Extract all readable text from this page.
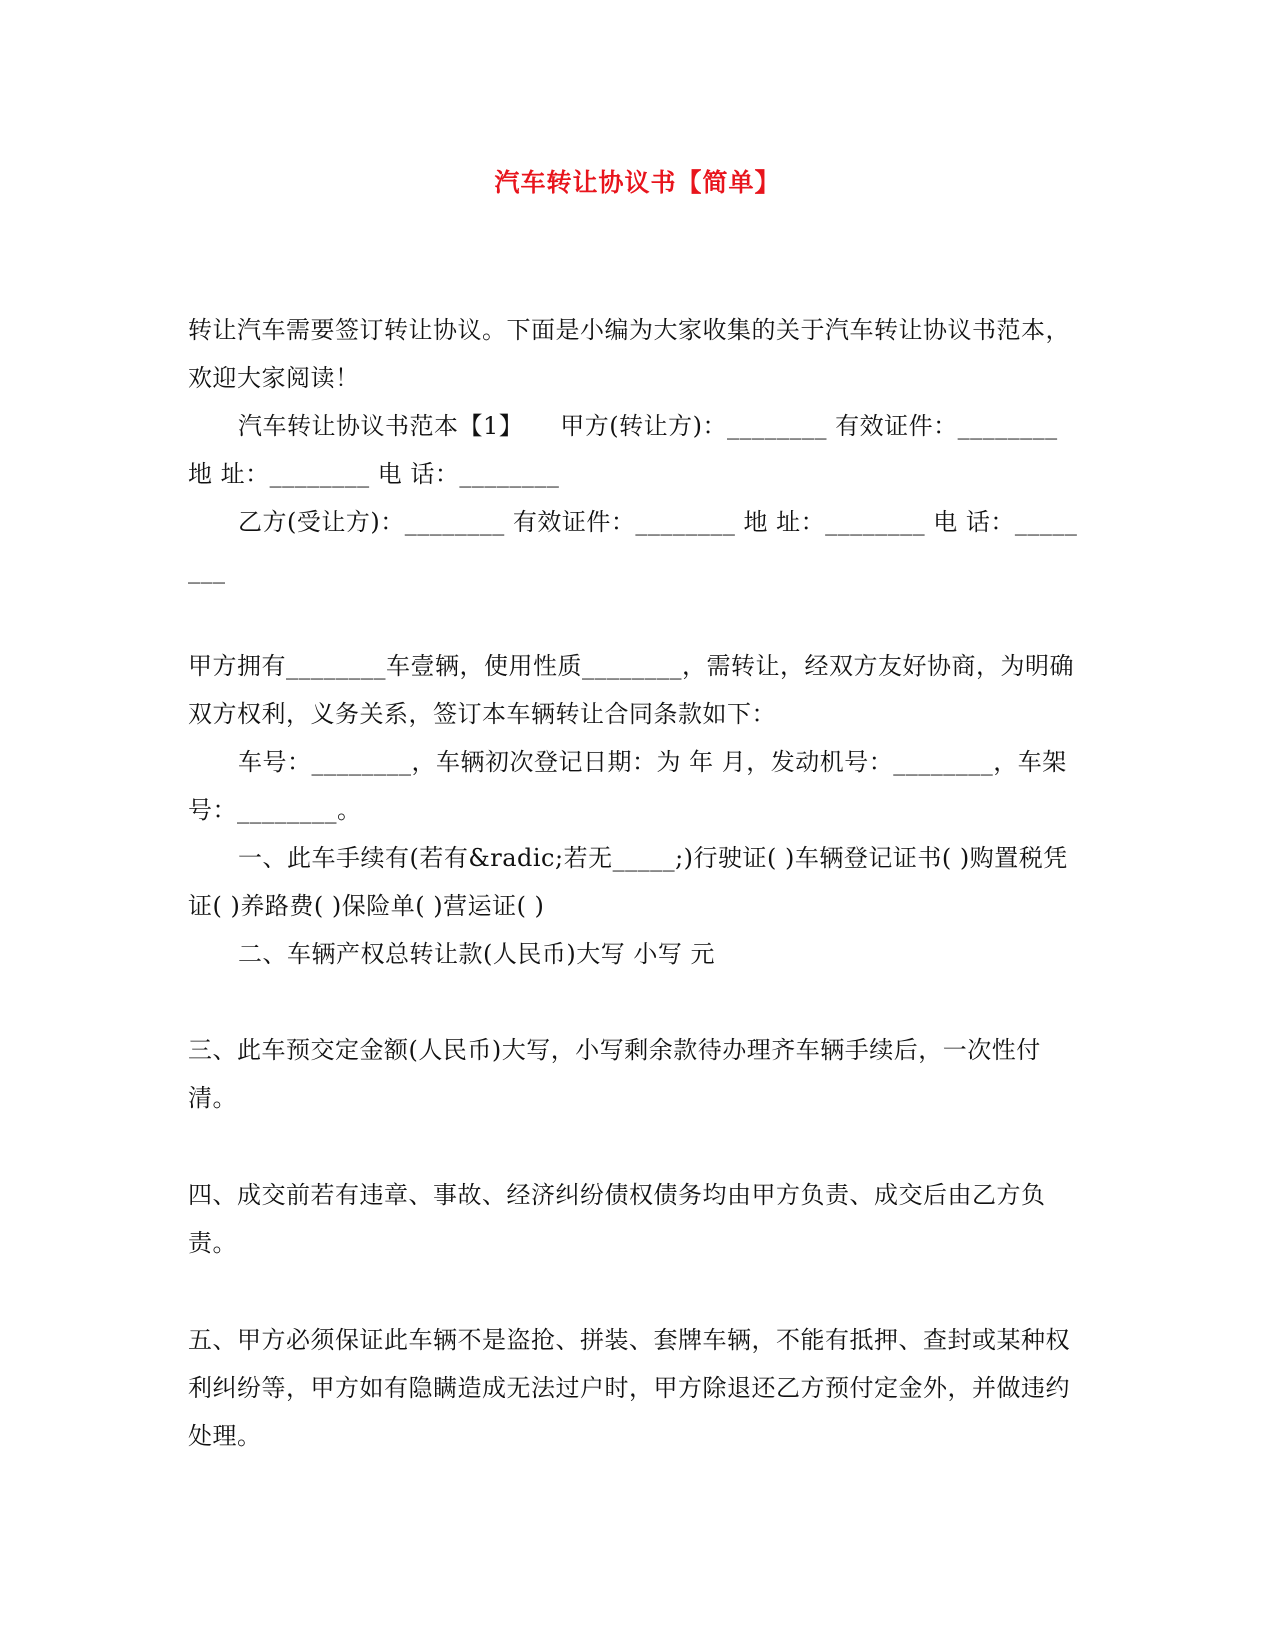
汽车转让协议书【简单】

转让汽车需要签订转让协议。下面是小编为大家收集的关于汽车转让协议书范本，欢迎大家阅读！

汽车转让协议书范本【1】　　甲方(转让方)：________ 有效证件：________ 地 址：________ 电 话：________

乙方(受让方)：________ 有效证件：________ 地 址：________ 电 话：________

甲方拥有________车壹辆，使用性质________，需转让，经双方友好协商，为明确双方权利，义务关系，签订本车辆转让合同条款如下：

车号：________，车辆初次登记日期：为 年 月，发动机号：________，车架号：________。

一、此车手续有(若有&radic;若无_____;)行驶证( )车辆登记证书( )购置税凭证( )养路费( )保险单( )营运证( )

二、车辆产权总转让款(人民币)大写 小写 元

三、此车预交定金额(人民币)大写，小写剩余款待办理齐车辆手续后，一次性付清。

四、成交前若有违章、事故、经济纠纷债权债务均由甲方负责、成交后由乙方负责。

五、甲方必须保证此车辆不是盗抢、拼装、套牌车辆，不能有抵押、查封或某种权利纠纷等，甲方如有隐瞒造成无法过户时，甲方除退还乙方预付定金外，并做违约处理。
